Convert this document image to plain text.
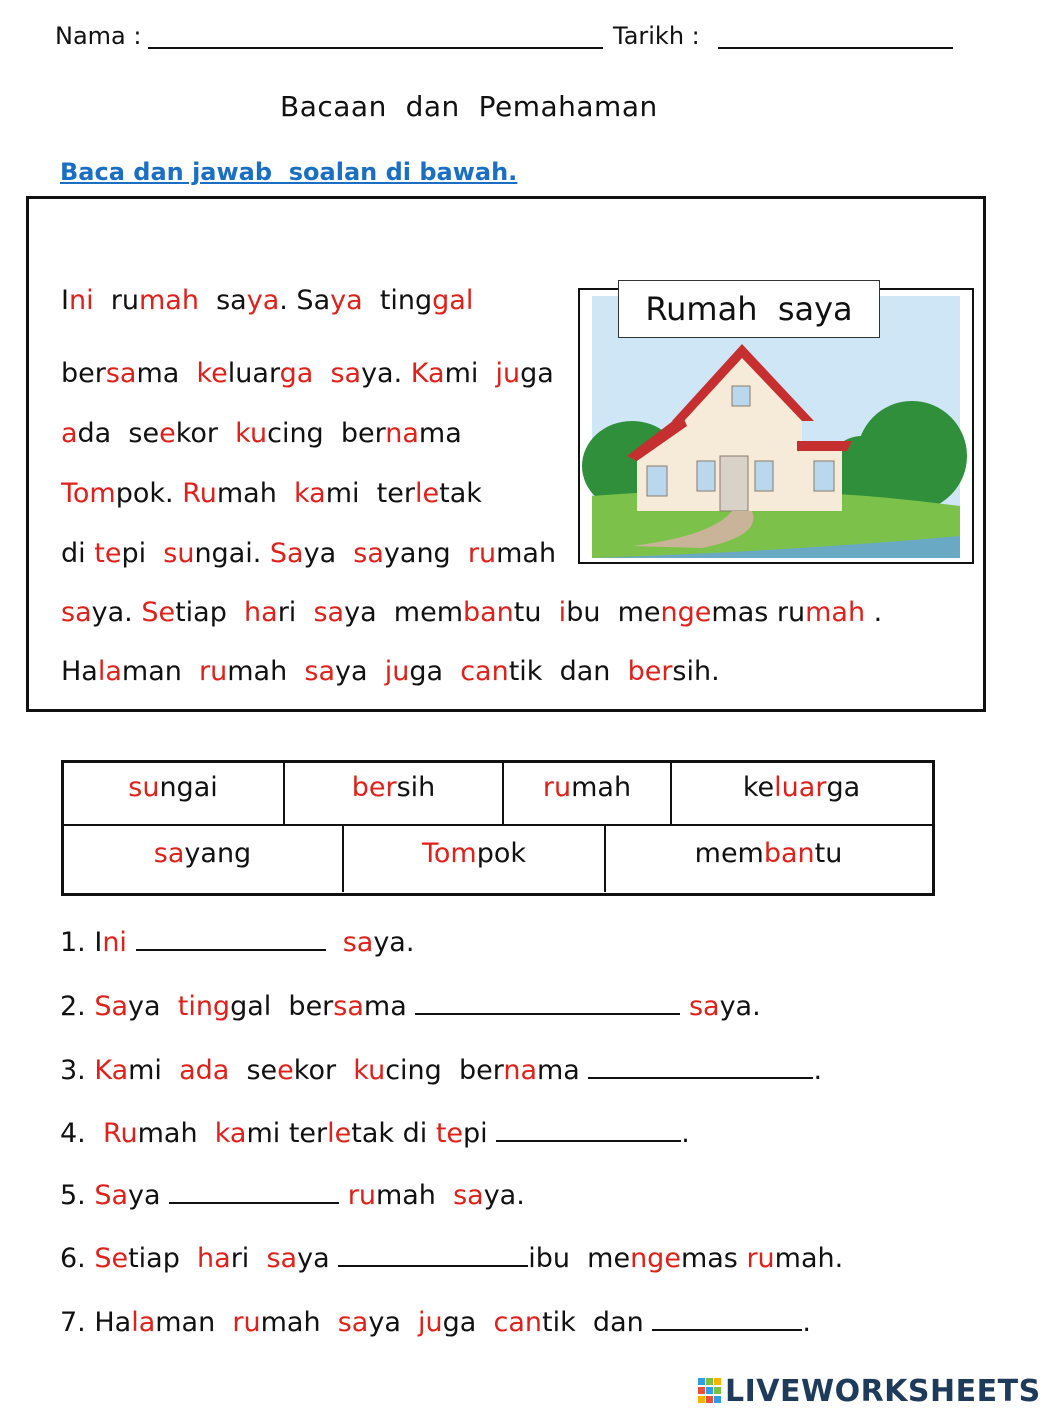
Nama :	Tarikh :
Bacaan  dan  Pemahaman
Baca dan jawab  soalan di bawah.
Ini  rumah  saya. Saya  tinggal
bersama  keluarga saya. Kami  juga
ada  seekor  kucing  bernama
Tompok. Rumah  kami  terletak
di tepi  sungai. Saya  sayang  rumah
saya. Setiap  hari  saya  membantu  ibu  mengemas rumah .
Halaman  rumah  saya  juga  cantik  dan  bersih.
Rumah  saya
su ngai	ber sih	ru mah	ke luar ga
sa yang	Tom pok	mem ban tu
1. Ini	saya.
2. Saya  tinggal  bersama	saya.
3. Kami  ada  seekor  kucing  bernama	.
4.  Rumah  kami terletak di tepi	.
5. Saya	rumah  saya.
6. Setiap  hari  saya	ibu  mengemas rumah.
7. Halaman  rumah  saya  juga  cantik  dan	.
LIVEWORKSHEETS
